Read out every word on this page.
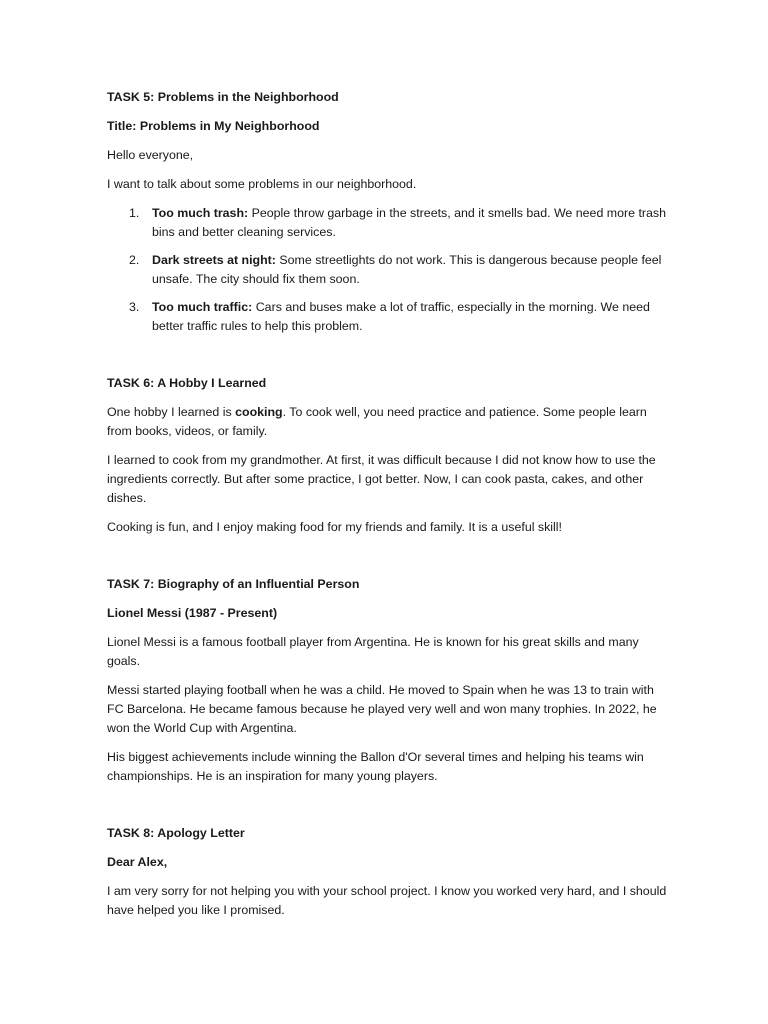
TASK 5: Problems in the Neighborhood

Title: Problems in My Neighborhood

Hello everyone,

I want to talk about some problems in our neighborhood.

1. Too much trash: People throw garbage in the streets, and it smells bad. We need more trash bins and better cleaning services.
2. Dark streets at night: Some streetlights do not work. This is dangerous because people feel unsafe. The city should fix them soon.
3. Too much traffic: Cars and buses make a lot of traffic, especially in the morning. We need better traffic rules to help this problem.

TASK 6: A Hobby I Learned

One hobby I learned is cooking. To cook well, you need practice and patience. Some people learn from books, videos, or family.

I learned to cook from my grandmother. At first, it was difficult because I did not know how to use the ingredients correctly. But after some practice, I got better. Now, I can cook pasta, cakes, and other dishes.

Cooking is fun, and I enjoy making food for my friends and family. It is a useful skill!

TASK 7: Biography of an Influential Person

Lionel Messi (1987 - Present)

Lionel Messi is a famous football player from Argentina. He is known for his great skills and many goals.

Messi started playing football when he was a child. He moved to Spain when he was 13 to train with FC Barcelona. He became famous because he played very well and won many trophies. In 2022, he won the World Cup with Argentina.

His biggest achievements include winning the Ballon d'Or several times and helping his teams win championships. He is an inspiration for many young players.

TASK 8: Apology Letter

Dear Alex,

I am very sorry for not helping you with your school project. I know you worked very hard, and I should have helped you like I promised.
